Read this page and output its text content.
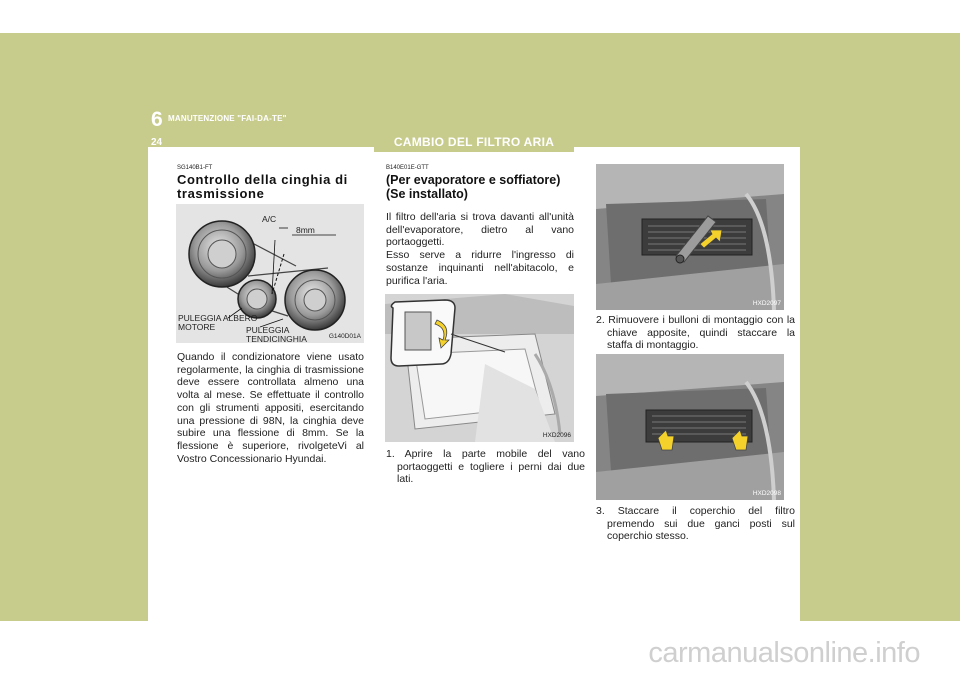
6 MANUTENZIONE "FAI-DA-TE"
24	CAMBIO DEL FILTRO ARIA
SG140B1-FT
Controllo della cinghia di
trasmissione
A/C
8mm
PULEGGIA ALBERO
MOTORE	PULEGGIA
TENDICINGHIA	G140D01A
Quando il condizionatore viene usato regolarmente, la cinghia di trasmissione deve essere controllata almeno una volta al mese. Se effettuate il controllo con gli strumenti appositi, esercitando una pressione di 98N, la cinghia deve subire una flessione di 8mm. Se la flessione è superiore, rivolgeteVi al Vostro Concessionario Hyundai.
B140E01E-GTT
(Per evaporatore e soffiatore)
(Se installato)
Il filtro dell'aria si trova davanti all'unità dell'evaporatore, dietro al vano portaoggetti.
Esso serve a ridurre l'ingresso di sostanze inquinanti nell'abitacolo, e purifica l'aria.
HXD2096
1. Aprire la parte mobile del vano portaoggetti e togliere i perni dai due lati.
HXD2097
2. Rimuovere i bulloni di montaggio con la chiave apposite, quindi staccare la staffa di montaggio.
HXD2098
3. Staccare il coperchio del filtro premendo sui due ganci posti sul coperchio stesso.
carmanualsonline.info
